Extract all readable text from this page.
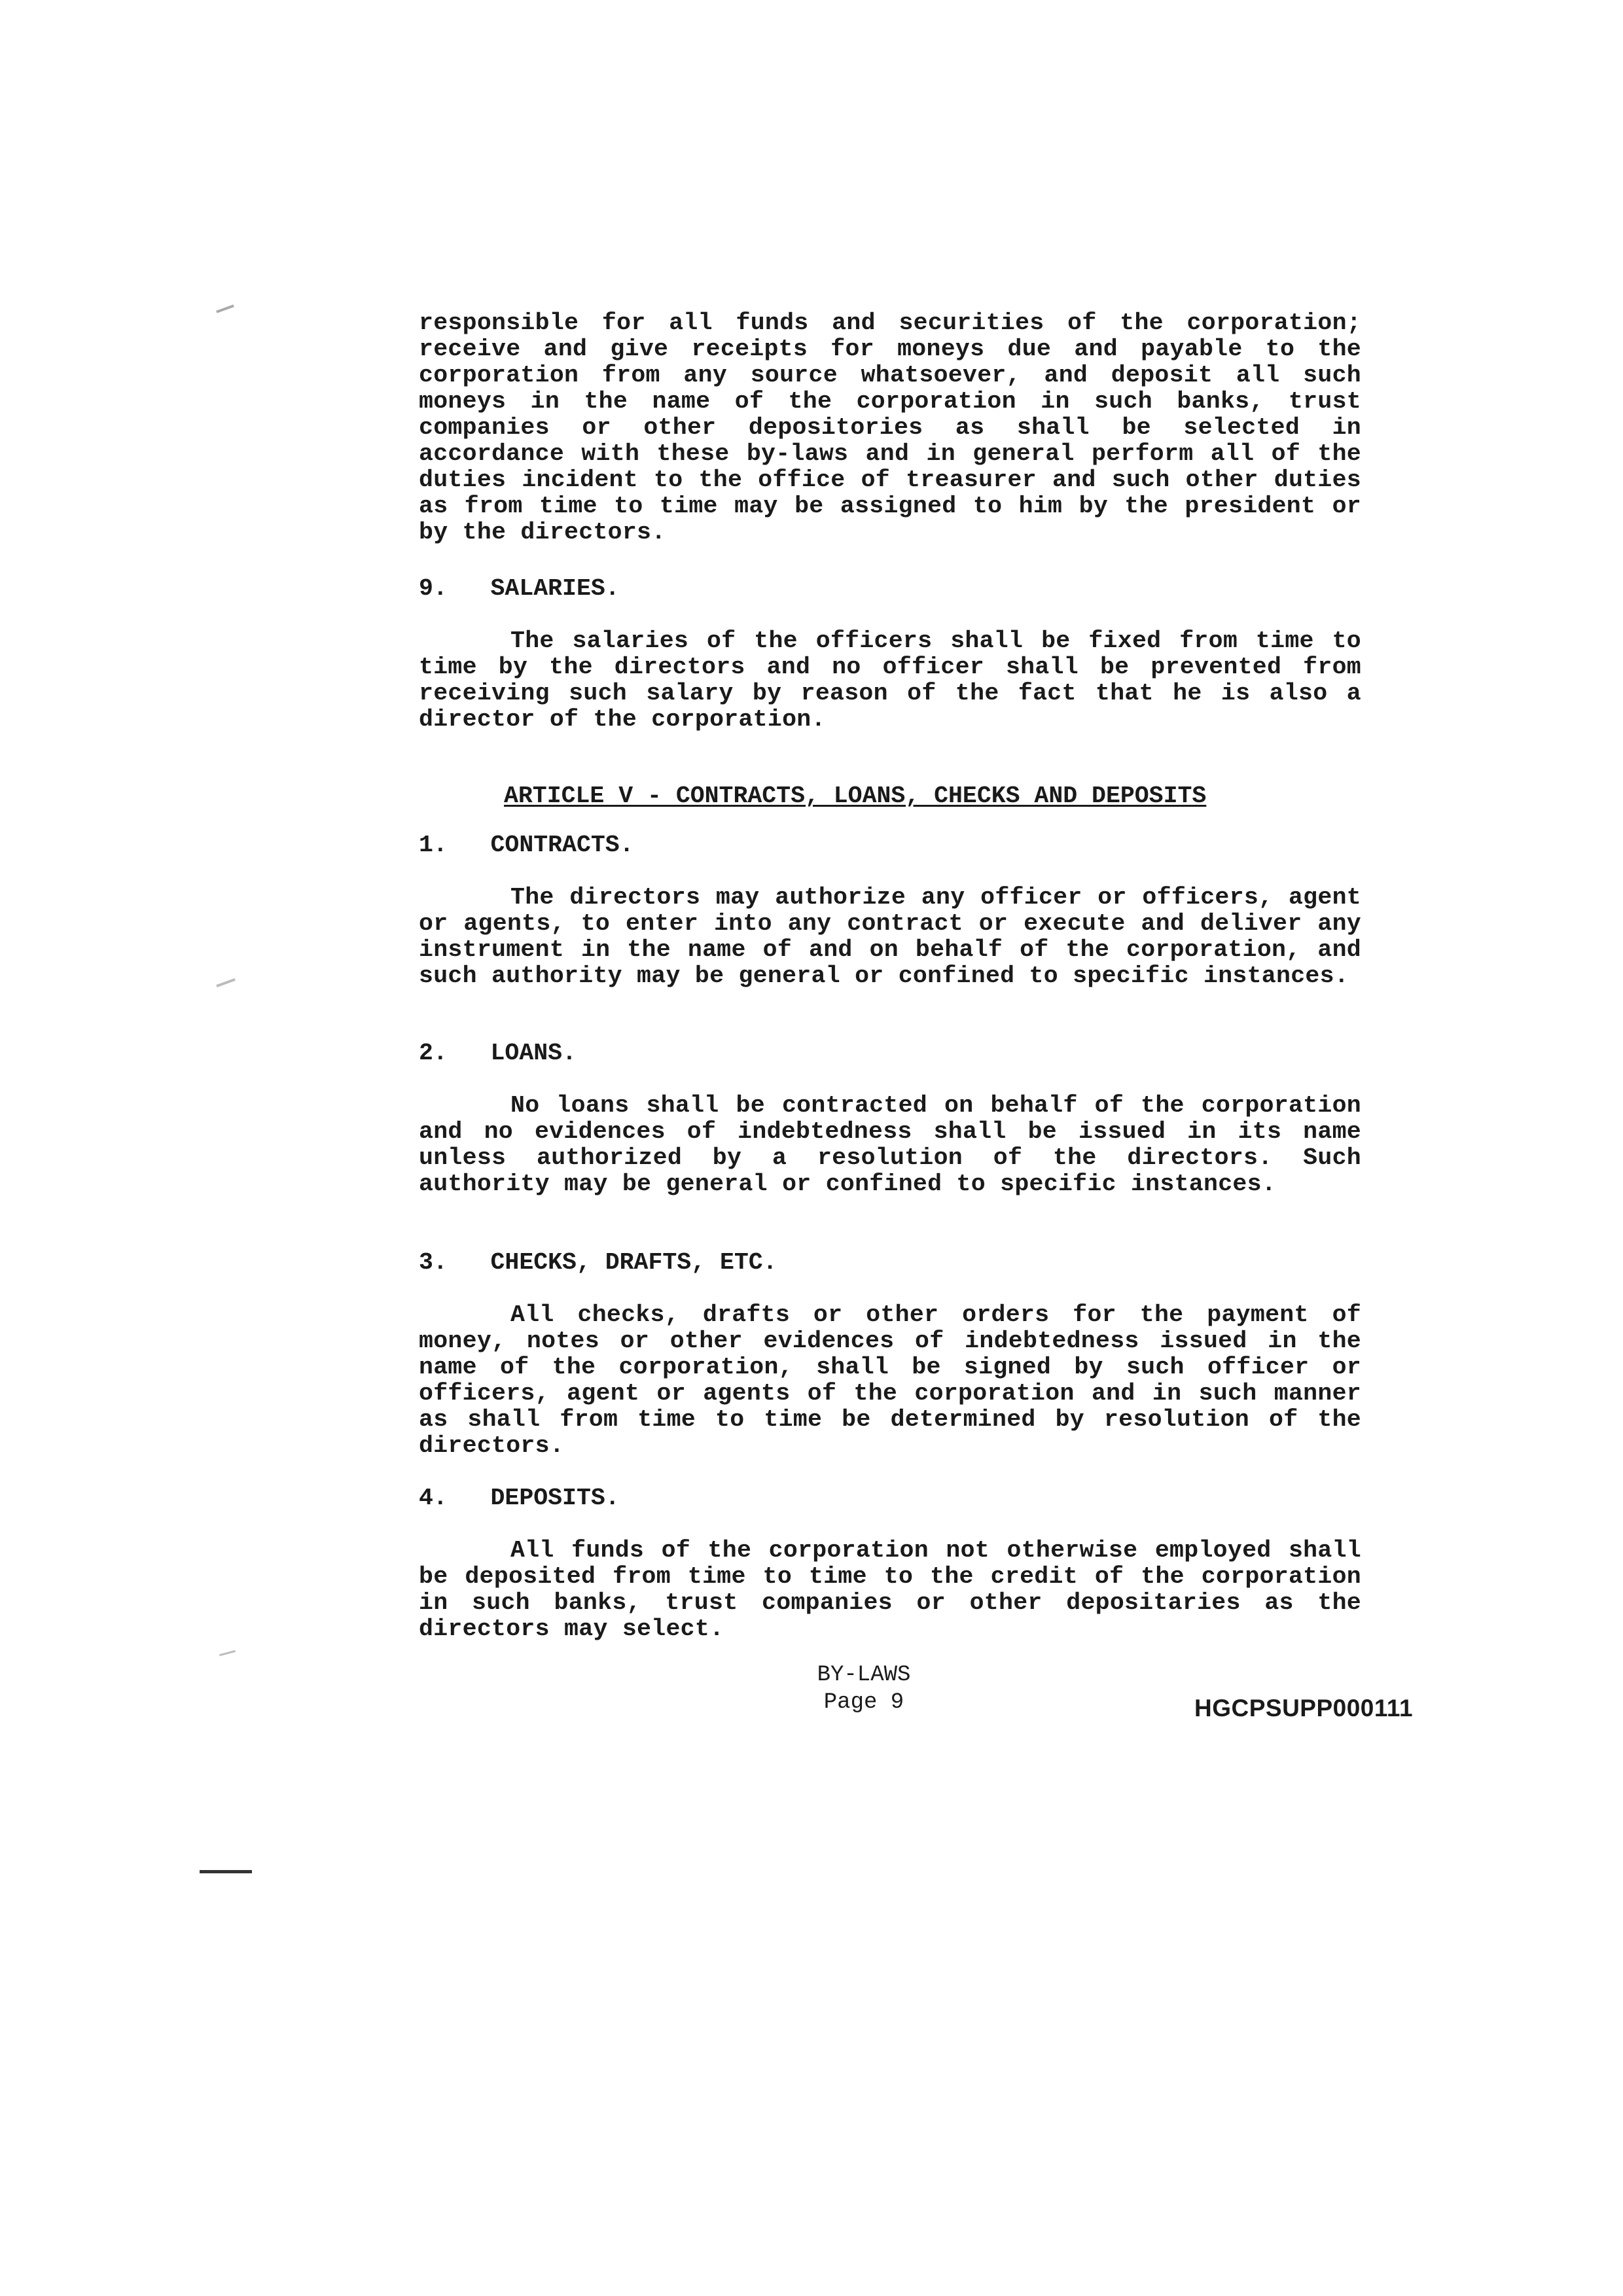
responsible for all funds and securities of the corporation; receive and give receipts for moneys due and payable to the corporation from any source whatsoever, and deposit all such moneys in the name of the corporation in such banks, trust companies or other depositories as shall be selected in accordance with these by-laws and in general perform all of the duties incident to the office of treasurer and such other duties as from time to time may be assigned to him by the president or by the directors.
9.   SALARIES.
The salaries of the officers shall be fixed from time to time by the directors and no officer shall be prevented from receiving such salary by reason of the fact that he is also a director of the corporation.
ARTICLE V - CONTRACTS, LOANS, CHECKS AND DEPOSITS
1.   CONTRACTS.
The directors may authorize any officer or officers, agent or agents, to enter into any contract or execute and deliver any instrument in the name of and on behalf of the corporation, and such authority may be general or confined to specific instances.
2.   LOANS.
No loans shall be contracted on behalf of the corporation and no evidences of indebtedness shall be issued in its name unless authorized by a resolution of the directors. Such authority may be general or confined to specific instances.
3.   CHECKS, DRAFTS, ETC.
All checks, drafts or other orders for the payment of money, notes or other evidences of indebtedness issued in the name of the corporation, shall be signed by such officer or officers, agent or agents of the corporation and in such manner as shall from time to time be determined by resolution of the directors.
4.   DEPOSITS.
All funds of the corporation not otherwise employed shall be deposited from time to time to the credit of the corporation in such banks, trust companies or other depositaries as the directors may select.
BY-LAWS
Page 9	HGCPSUPP000111
